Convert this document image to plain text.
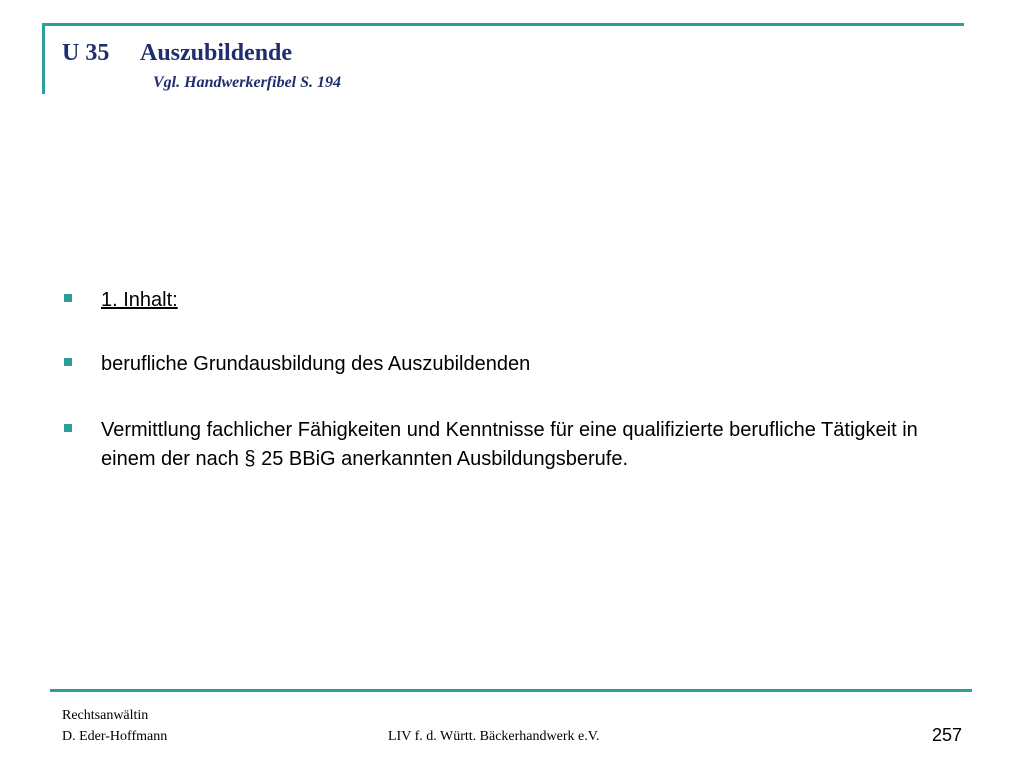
U 35 Auszubildende
Vgl. Handwerkerfibel S. 194
1. Inhalt:
berufliche Grundausbildung des Auszubildenden
Vermittlung fachlicher Fähigkeiten und Kenntnisse für eine qualifizierte berufliche Tätigkeit in einem der nach § 25 BBiG anerkannten Ausbildungsberufe.
Rechtsanwältin
D. Eder-Hoffmann	LIV f. d. Württ. Bäckerhandwerk e.V.	257
